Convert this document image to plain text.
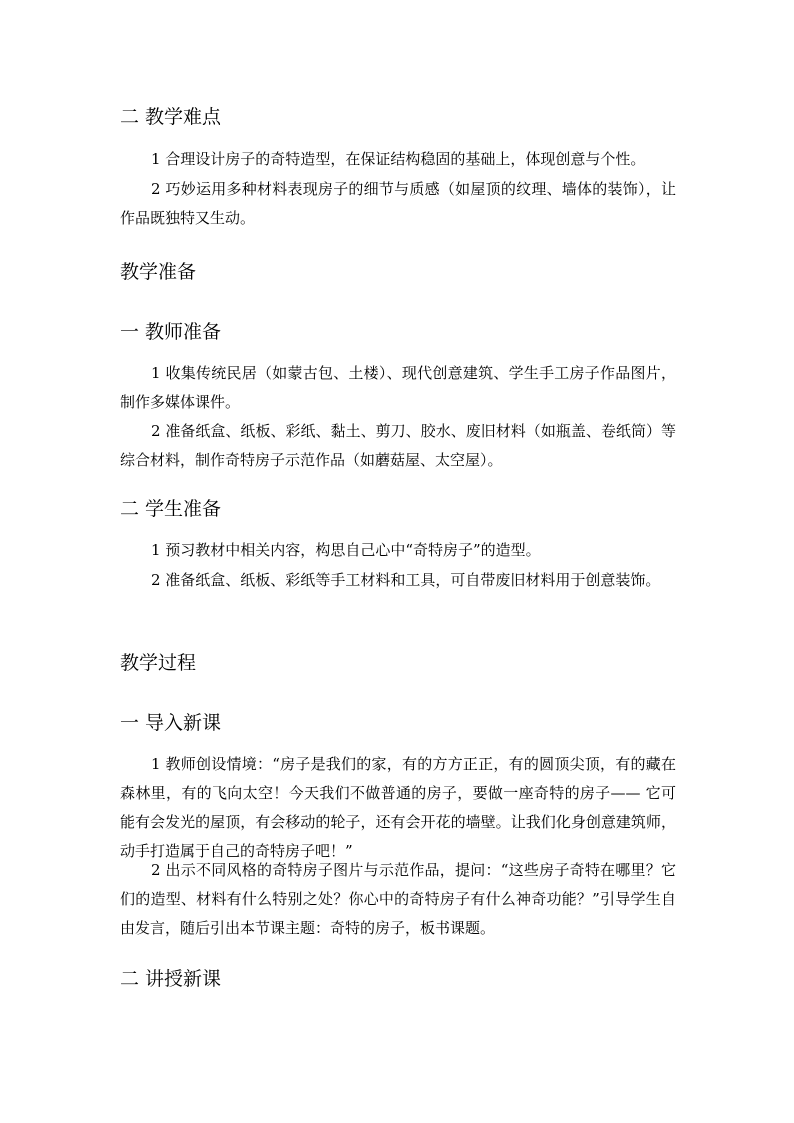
二 教学难点

1 合理设计房子的奇特造型，在保证结构稳固的基础上，体现创意与个性。

2 巧妙运用多种材料表现房子的细节与质感（如屋顶的纹理、墙体的装饰），让作品既独特又生动。

教学准备
一 教师准备

1 收集传统民居（如蒙古包、土楼）、现代创意建筑、学生手工房子作品图片，制作多媒体课件。

2 准备纸盒、纸板、彩纸、黏土、剪刀、胶水、废旧材料（如瓶盖、卷纸筒）等综合材料，制作奇特房子示范作品（如蘑菇屋、太空屋）。

二 学生准备

1 预习教材中相关内容，构思自己心中“奇特房子”的造型。

2 准备纸盒、纸板、彩纸等手工材料和工具，可自带废旧材料用于创意装饰。

教学过程
一 导入新课

1 教师创设情境：“房子是我们的家，有的方方正正，有的圆顶尖顶，有的藏在森林里，有的飞向太空！今天我们不做普通的房子，要做一座奇特的房子—— 它可能有会发光的屋顶，有会移动的轮子，还有会开花的墙壁。让我们化身创意建筑师，动手打造属于自己的奇特房子吧！”

2 出示不同风格的奇特房子图片与示范作品，提问：“这些房子奇特在哪里？它们的造型、材料有什么特别之处？你心中的奇特房子有什么神奇功能？”引导学生自由发言，随后引出本节课主题：奇特的房子，板书课题。

二 讲授新课
